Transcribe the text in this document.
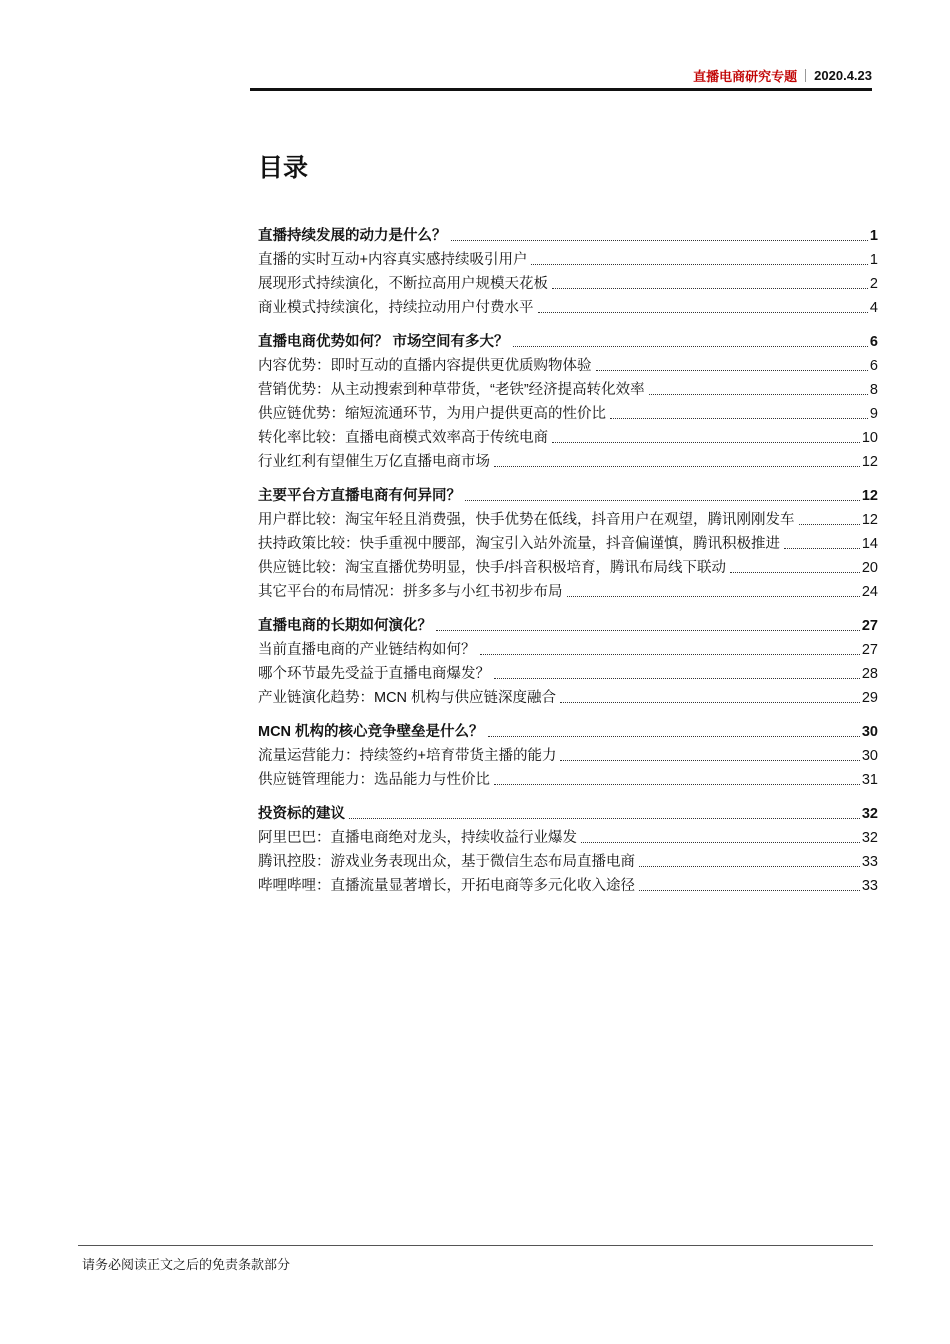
直播电商研究专题 2020.4.23
目录
直播持续发展的动力是什么？	1
直播的实时互动+内容真实感持续吸引用户	1
展现形式持续演化，不断拉高用户规模天花板	2
商业模式持续演化，持续拉动用户付费水平	4
直播电商优势如何？ 市场空间有多大？	6
内容优势：即时互动的直播内容提供更优质购物体验	6
营销优势：从主动搜索到种草带货，“老铁”经济提高转化效率	8
供应链优势：缩短流通环节，为用户提供更高的性价比	9
转化率比较：直播电商模式效率高于传统电商	10
行业红利有望催生万亿直播电商市场	12
主要平台方直播电商有何异同？	12
用户群比较：淘宝年轻且消费强，快手优势在低线，抖音用户在观望，腾讯刚刚发车	12
扶持政策比较：快手重视中腰部，淘宝引入站外流量，抖音偏谨慎，腾讯积极推进	14
供应链比较：淘宝直播优势明显，快手/抖音积极培育，腾讯布局线下联动	20
其它平台的布局情况：拼多多与小红书初步布局	24
直播电商的长期如何演化？	27
当前直播电商的产业链结构如何？	27
哪个环节最先受益于直播电商爆发？	28
产业链演化趋势：MCN 机构与供应链深度融合	29
MCN 机构的核心竞争壁垒是什么？	30
流量运营能力：持续签约+培育带货主播的能力	30
供应链管理能力：选品能力与性价比	31
投资标的建议	32
阿里巴巴：直播电商绝对龙头，持续收益行业爆发	32
腾讯控股：游戏业务表现出众，基于微信生态布局直播电商	33
哔哩哔哩：直播流量显著增长，开拓电商等多元化收入途径	33
请务必阅读正文之后的免责条款部分
